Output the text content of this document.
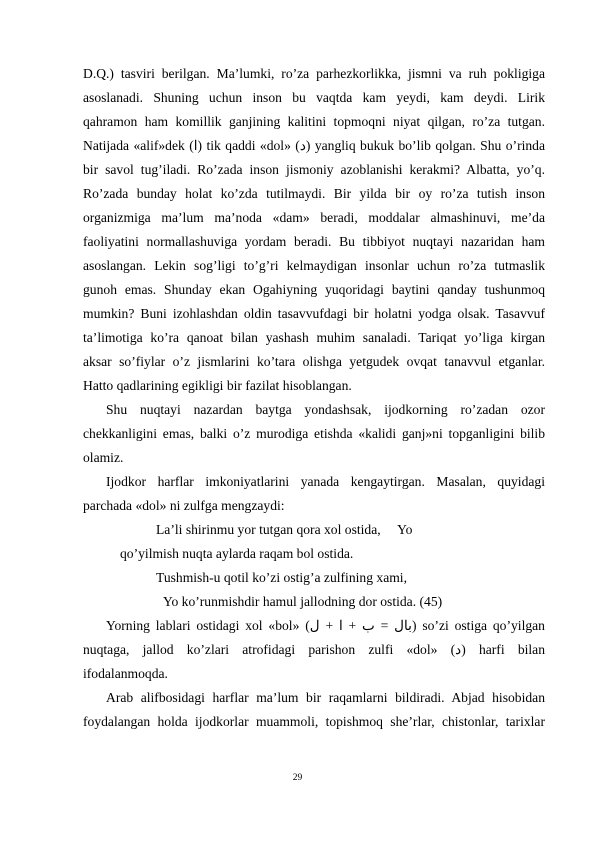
D.Q.) tasviri berilgan. Ma’lumki, ro’za parhezkorlikka, jismni va ruh pokligiga
asoslanadi. Shuning uchun inson bu vaqtda kam yeydi, kam deydi. Lirik
qahramon ham komillik ganjining kalitini topmoqni niyat qilgan, ro’za tutgan.
Natijada «alif»dek (ا) tik qaddi «dol» (د) yangliq bukuk bo’lib qolgan. Shu o’rinda
bir savol tug’iladi. Ro’zada inson jismoniy azoblanishi kerakmi? Albatta, yo’q.
Ro’zada bunday holat ko’zda tutilmaydi. Bir yilda bir oy ro’za tutish inson
organizmiga ma’lum ma’noda «dam» beradi, moddalar almashinuvi, me’da
faoliyatini normallashuviga yordam beradi. Bu tibbiyot nuqtayi nazaridan ham
asoslangan. Lekin sog’ligi to’g’ri kelmaydigan insonlar uchun ro’za tutmaslik
gunoh emas. Shunday ekan Ogahiyning yuqoridagi baytini qanday tushunmoq
mumkin? Buni izohlashdan oldin tasavvufdagi bir holatni yodga olsak. Tasavvuf
ta’limotiga ko’ra qanoat bilan yashash muhim sanaladi. Tariqat yo’liga kirgan
aksar so’fiylar o’z jismlarini ko’tara olishga yetgudek ovqat tanavvul etganlar.
Hatto qadlarining egikligi bir fazilat hisoblangan.
Shu nuqtayi nazardan baytga yondashsak, ijodkorning ro’zadan ozor
chekkanligini emas, balki o’z murodiga etishda «kalidi ganj»ni topganligini bilib
olamiz.
Ijodkor harflar imkoniyatlarini yanada kengaytirgan. Masalan, quyidagi
parchada «dol» ni zulfga mengzaydi:
La’li shirinmu yor tutgan qora xol ostida,     Yo
qo’yilmish nuqta aylarda raqam bol ostida.
Tushmish-u qotil ko’zi ostig’a zulfining xami,
Yo ko’runmishdir hamul jallodning dor ostida. (45)
Yorning lablari ostidagi xol «bol» (بال = ب + ا + ل) so’zi ostiga qo’yilgan
nuqtaga, jallod ko’zlari atrofidagi parishon zulfi «dol» (د) harfi bilan
ifodalanmoqda.
Arab alifbosidagi harflar ma’lum bir raqamlarni bildiradi. Abjad hisobidan
foydalangan holda ijodkorlar muammoli, topishmoq she’rlar, chistonlar, tarixlar
29
